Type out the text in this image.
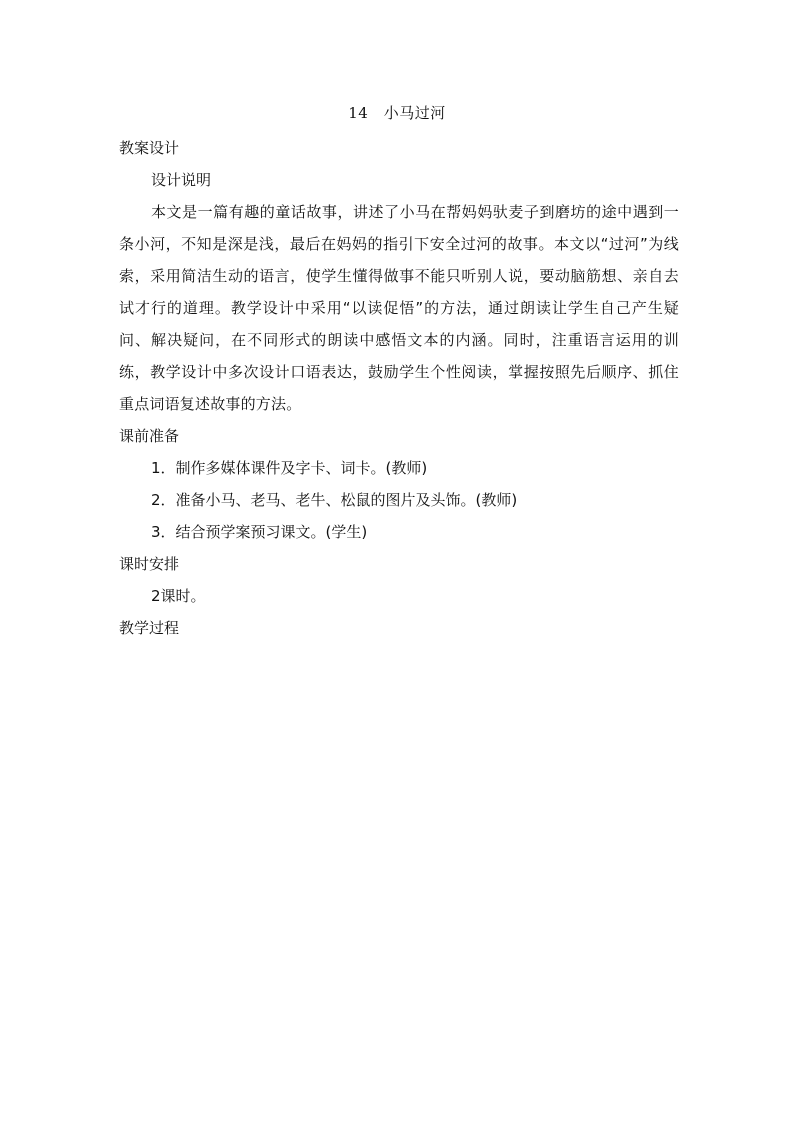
14　小马过河
教案设计
设计说明

本文是一篇有趣的童话故事，讲述了小马在帮妈妈驮麦子到磨坊的途中遇到一条小河，不知是深是浅，最后在妈妈的指引下安全过河的故事。本文以“过河”为线索，采用简洁生动的语言，使学生懂得做事不能只听别人说，要动脑筋想、亲自去试才行的道理。教学设计中采用“以读促悟”的方法，通过朗读让学生自己产生疑问、解决疑问，在不同形式的朗读中感悟文本的内涵。同时，注重语言运用的训练，教学设计中多次设计口语表达，鼓励学生个性阅读，掌握按照先后顺序、抓住重点词语复述故事的方法。

课前准备
1．制作多媒体课件及字卡、词卡。(教师)
2．准备小马、老马、老牛、松鼠的图片及头饰。(教师)
3．结合预学案预习课文。(学生)
课时安排
2课时。
教学过程
